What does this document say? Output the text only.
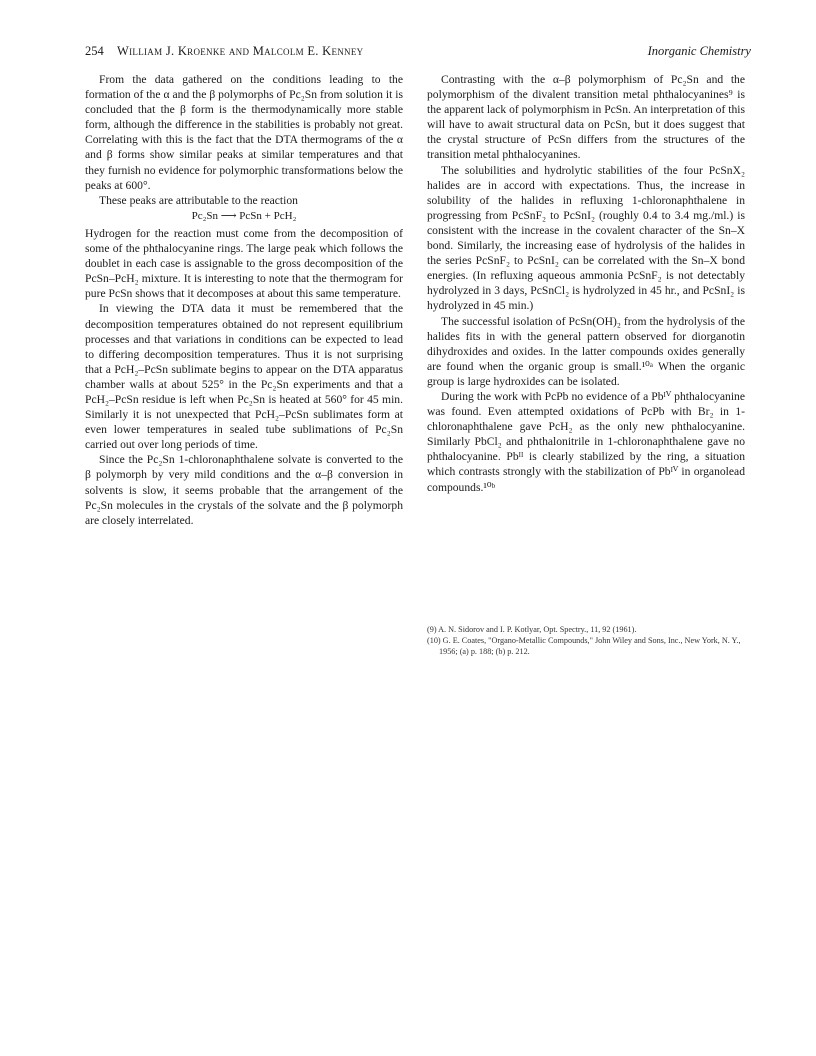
254 William J. Kroenke and Malcolm E. Kenney	Inorganic Chemistry

From the data gathered on the conditions leading to the formation of the α and the β polymorphs of Pc₂Sn from solution it is concluded that the β form is the thermodynamically more stable form, although the difference in the stabilities is probably not great. Correlating with this is the fact that the DTA thermograms of the α and β forms show similar peaks at similar temperatures and that they furnish no evidence for polymorphic transformations below the peaks at 600°.

These peaks are attributable to the reaction

Pc₂Sn ⟶ PcSn + PcH₂

Hydrogen for the reaction must come from the decomposition of some of the phthalocyanine rings. The large peak which follows the doublet in each case is assignable to the gross decomposition of the PcSn–PcH₂ mixture. It is interesting to note that the thermogram for pure PcSn shows that it decomposes at about this same temperature.

In viewing the DTA data it must be remembered that the decomposition temperatures obtained do not represent equilibrium processes and that variations in conditions can be expected to lead to differing decomposition temperatures. Thus it is not surprising that a PcH₂–PcSn sublimate begins to appear on the DTA apparatus chamber walls at about 525° in the Pc₂Sn experiments and that a PcH₂–PcSn residue is left when Pc₂Sn is heated at 560° for 45 min. Similarly it is not unexpected that PcH₂–PcSn sublimates form at even lower temperatures in sealed tube sublimations of Pc₂Sn carried out over long periods of time.

Since the Pc₂Sn 1-chloronaphthalene solvate is converted to the β polymorph by very mild conditions and the α–β conversion in solvents is slow, it seems probable that the arrangement of the Pc₂Sn molecules in the crystals of the solvate and the β polymorph are closely interrelated.

Contrasting with the α–β polymorphism of Pc₂Sn and the polymorphism of the divalent transition metal phthalocyanines⁹ is the apparent lack of polymorphism in PcSn. An interpretation of this will have to await structural data on PcSn, but it does suggest that the crystal structure of PcSn differs from the structures of the transition metal phthalocyanines.

The solubilities and hydrolytic stabilities of the four PcSnX₂ halides are in accord with expectations. Thus, the increase in solubility of the halides in refluxing 1-chloronaphthalene in progressing from PcSnF₂ to PcSnI₂ (roughly 0.4 to 3.4 mg./ml.) is consistent with the increase in the covalent character of the Sn–X bond. Similarly, the increasing ease of hydrolysis of the halides in the series PcSnF₂ to PcSnI₂ can be correlated with the Sn–X bond energies. (In refluxing aqueous ammonia PcSnF₂ is not detectably hydrolyzed in 3 days, PcSnCl₂ is hydrolyzed in 45 hr., and PcSnI₂ is hydrolyzed in 45 min.)

The successful isolation of PcSn(OH)₂ from the hydrolysis of the halides fits in with the general pattern observed for diorganotin dihydroxides and oxides. In the latter compounds oxides generally are found when the organic group is small.¹⁰ᵃ When the organic group is large hydroxides can be isolated.

During the work with PcPb no evidence of a Pbᴵⱽ phthalocyanine was found. Even attempted oxidations of PcPb with Br₂ in 1-chloronaphthalene gave PcH₂ as the only new phthalocyanine. Similarly PbCl₂ and phthalonitrile in 1-chloronaphthalene gave no phthalocyanine. Pbᴵᴵ is clearly stabilized by the ring, a situation which contrasts strongly with the stabilization of Pbᴵⱽ in organolead compounds.¹⁰ᵇ

(9) A. N. Sidorov and I. P. Kotlyar, Opt. Spectry., 11, 92 (1961).
(10) G. E. Coates, "Organo-Metallic Compounds," John Wiley and Sons, Inc., New York, N. Y., 1956; (a) p. 188; (b) p. 212.
